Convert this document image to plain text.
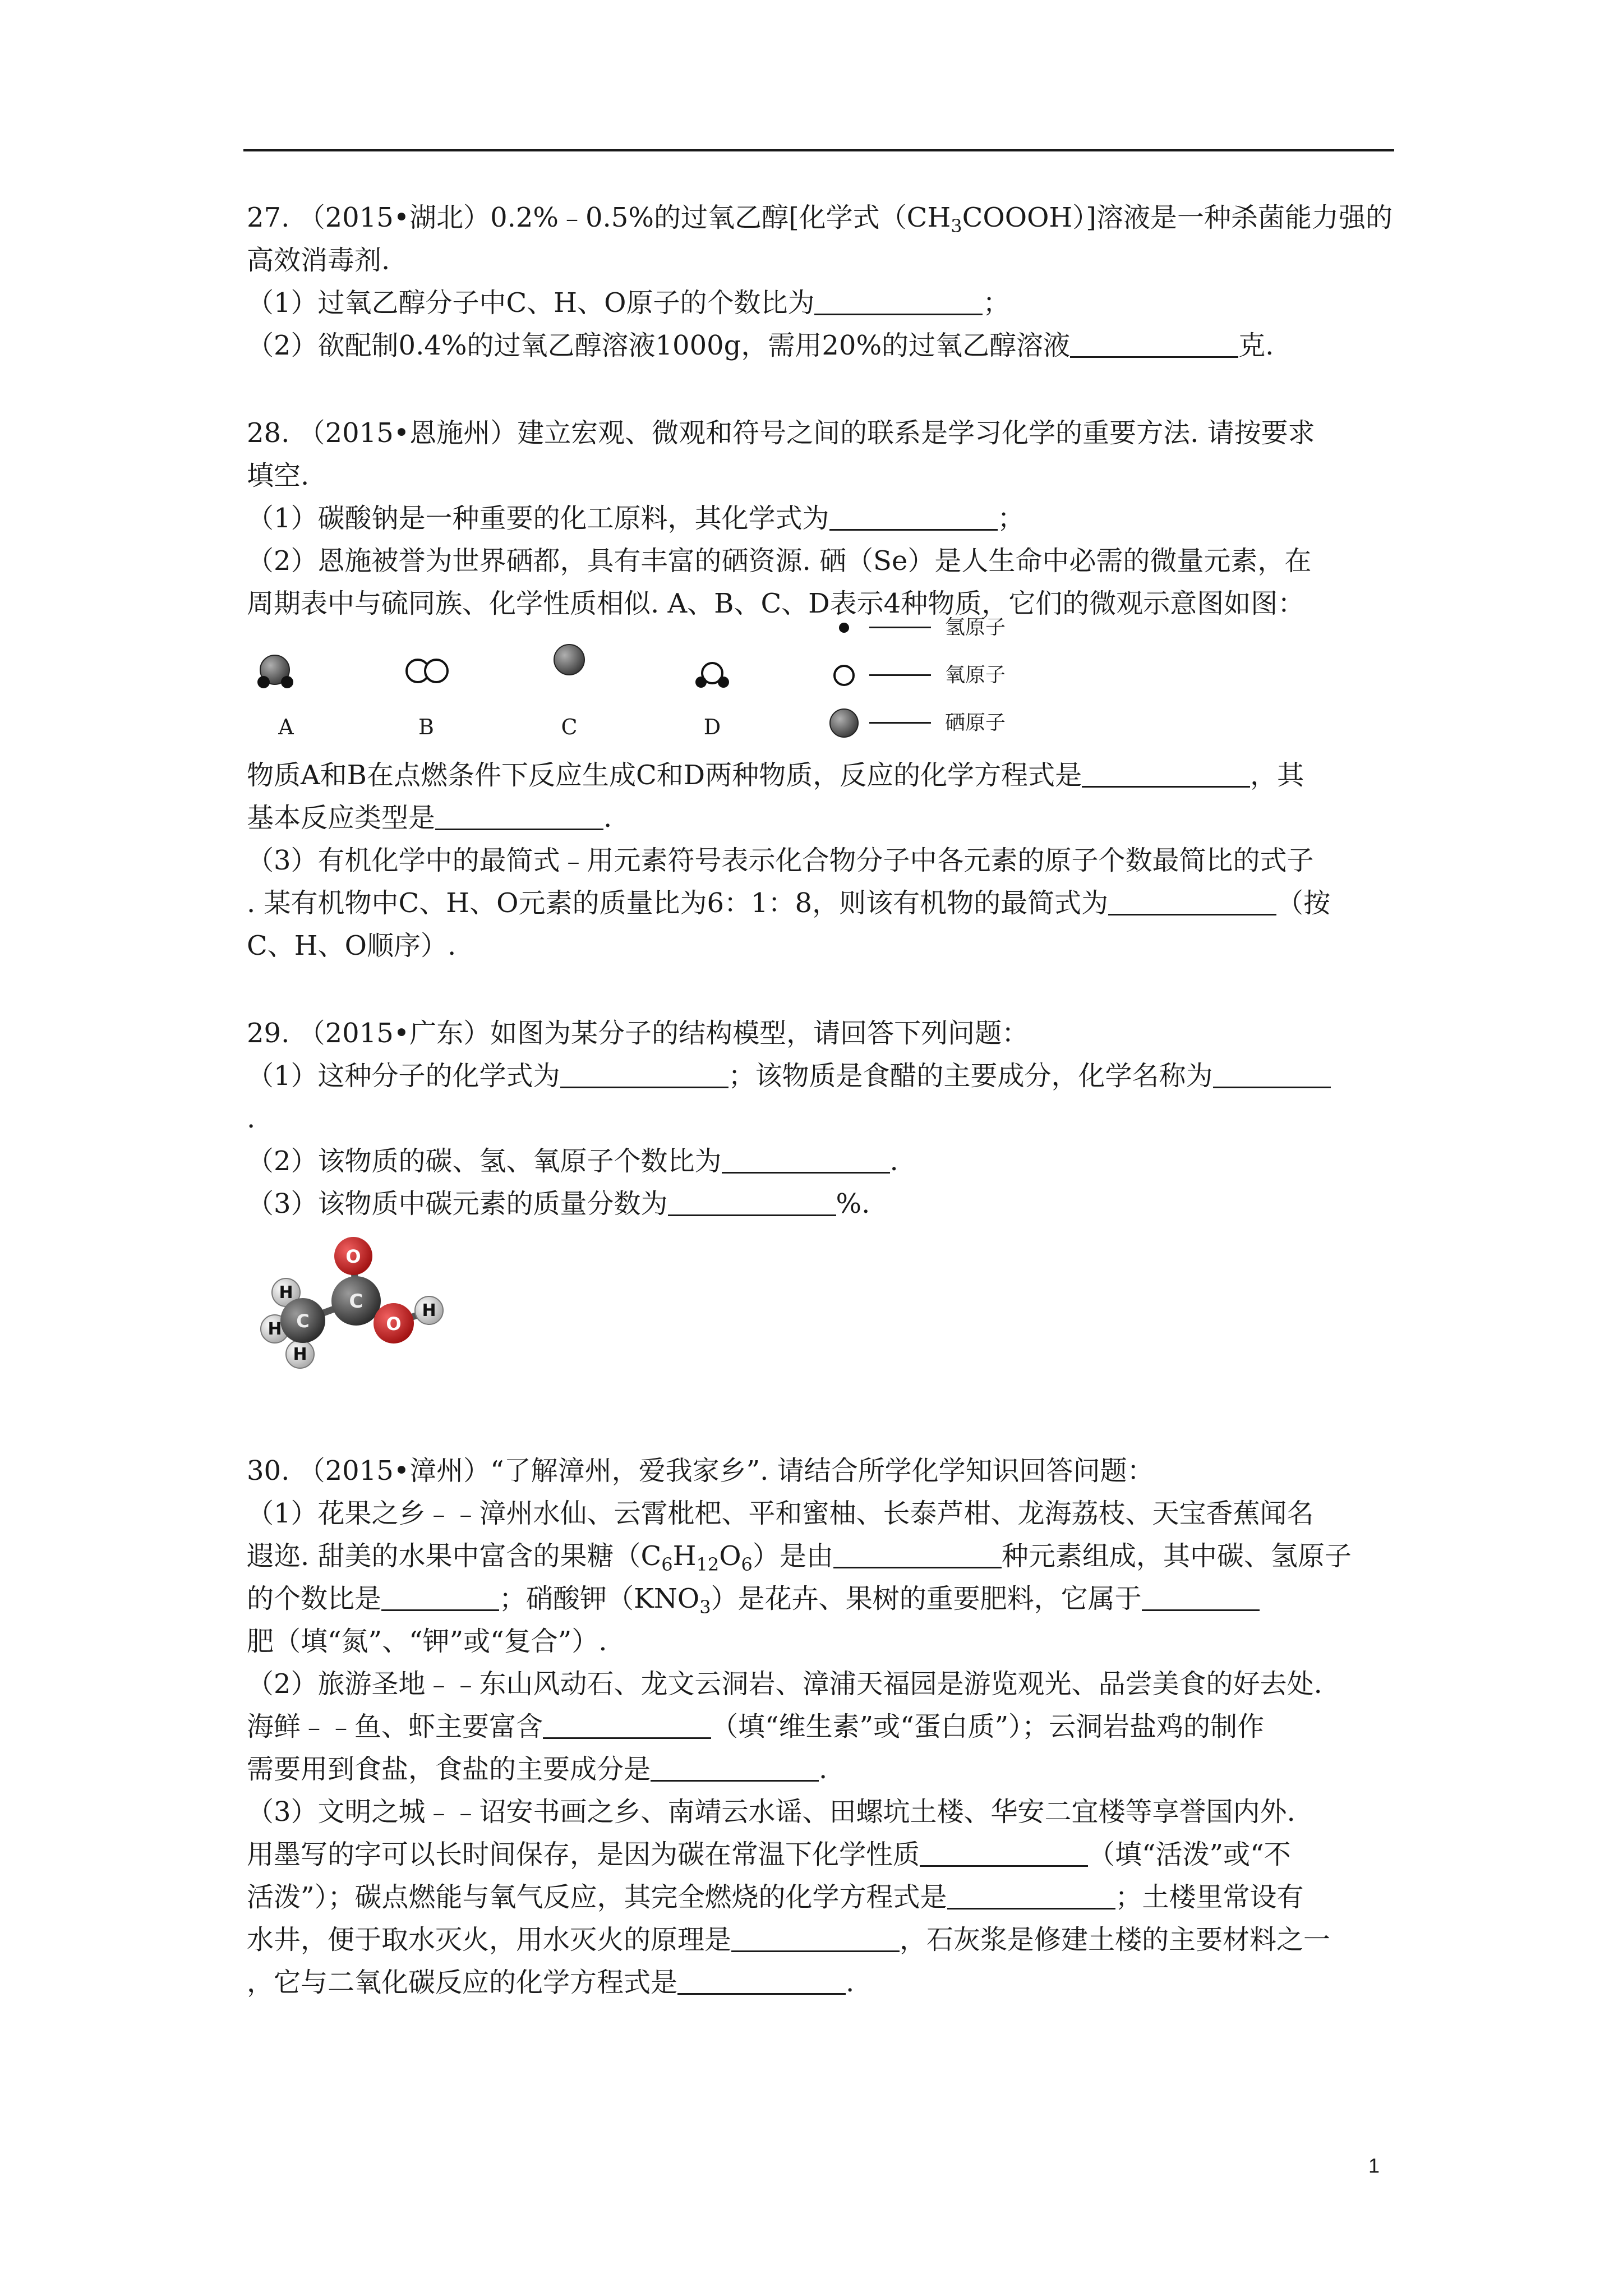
27. （2015•湖北）0.2%﹣0.5%的过氧乙醇[化学式$(CH_3COOOH)$]溶液是一种杀菌能力强的
高效消毒剂.
（1）过氧乙醇分子中C、H、O原子的个数比为	；
（2）欲配制0.4%的过氧乙醇溶液1000g，需用20%的过氧乙醇溶液	克.
28. （2015•恩施州）建立宏观、微观和符号之间的联系是学习化学的重要方法. 请按要求
填空.
（1）碳酸钠是一种重要的化工原料，其化学式为	；
（2）恩施被誉为世界硒都，具有丰富的硒资源. 硒（Se）是人生命中必需的微量元素，在
周期表中与硫同族、化学性质相似. A、B、C、D表示4种物质，它们的微观示意图如图：
A	B	C	D
氢原子
氧原子
硒原子
物质A和B在点燃条件下反应生成C和D两种物质，反应的化学方程式是	，其
基本反应类型是	.
（3）有机化学中的最简式﹣用元素符号表示化合物分子中各元素的原子个数最简比的式子
. 某有机物中C、H、O元素的质量比为6：1：8，则该有机物的最简式为	（按
C、H、O顺序）.
29. （2015•广东）如图为某分子的结构模型，请回答下列问题：
（1）这种分子的化学式为	；该物质是食醋的主要成分，化学名称为
.
（2）该物质的碳、氢、氧原子个数比为	.
（3）该物质中碳元素的质量分数为	%.
H
H
H
C
C
O
O
H
30. （2015•漳州）“了解漳州，爱我家乡”. 请结合所学化学知识回答问题：
（1）花果之乡﹣﹣漳州水仙、云霄枇杷、平和蜜柚、长泰芦柑、龙海荔枝、天宝香蕉闻名
遐迩. 甜美的水果中富含的果糖$(C_6H_{12}O_6)$是由	种元素组成，其中碳、氢原子
的个数比是	；硝酸钾$(KNO_3)$是花卉、果树的重要肥料，它属于
肥（填“氮”、“钾”或“复合”）.
（2）旅游圣地﹣﹣东山风动石、龙文云洞岩、漳浦天福园是游览观光、品尝美食的好去处.
海鲜﹣﹣鱼、虾主要富含	（填“维生素”或“蛋白质”）；云洞岩盐鸡的制作
需要用到食盐，食盐的主要成分是	.
（3）文明之城﹣﹣诏安书画之乡、南靖云水谣、田螺坑土楼、华安二宜楼等享誉国内外.
用墨写的字可以长时间保存，是因为碳在常温下化学性质	（填“活泼”或“不
活泼”）；碳点燃能与氧气反应，其完全燃烧的化学方程式是	；土楼里常设有
水井，便于取水灭火，用水灭火的原理是	，石灰浆是修建土楼的主要材料之一
，它与二氧化碳反应的化学方程式是	.
1
